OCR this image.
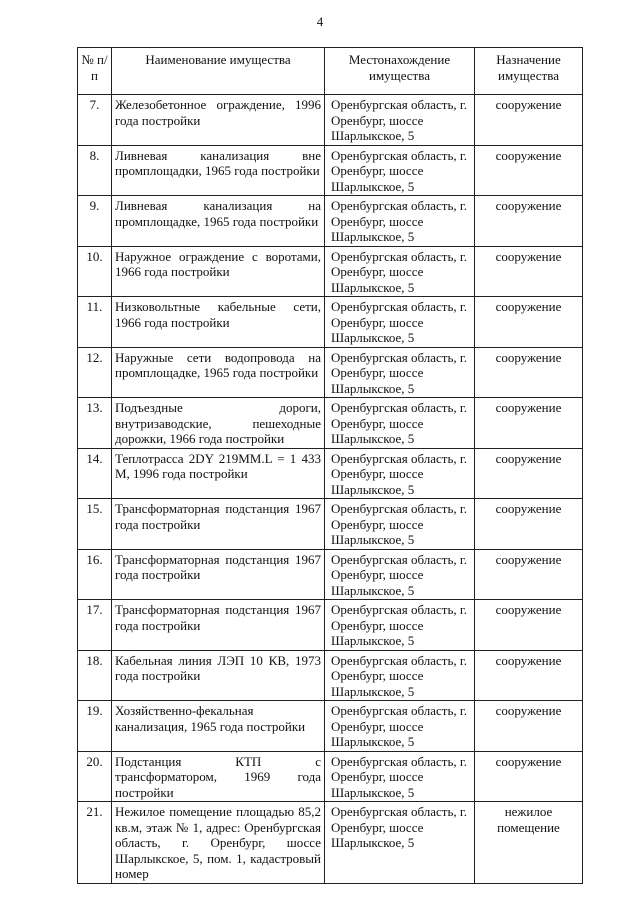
4
№ п/п	Наименование имущества	Местонахождение имущества	Назначение имущества
7.	Железобетонное ограждение, 1996 года постройки	Оренбургская область, г. Оренбург, шоссе Шарлыкское, 5	сооружение
8.	Ливневая канализация вне промплощадки, 1965 года постройки	Оренбургская область, г. Оренбург, шоссе Шарлыкское, 5	сооружение
9.	Ливневая канализация на промплощадке, 1965 года постройки	Оренбургская область, г. Оренбург, шоссе Шарлыкское, 5	сооружение
10.	Наружное ограждение с воротами, 1966 года постройки	Оренбургская область, г. Оренбург, шоссе Шарлыкское, 5	сооружение
11.	Низковольтные кабельные сети, 1966 года постройки	Оренбургская область, г. Оренбург, шоссе Шарлыкское, 5	сооружение
12.	Наружные сети водопровода на промплощадке, 1965 года постройки	Оренбургская область, г. Оренбург, шоссе Шарлыкское, 5	сооружение
13.	Подъездные дороги, внутризаводские, пешеходные дорожки, 1966 года постройки	Оренбургская область, г. Оренбург, шоссе Шарлыкское, 5	сооружение
14.	Теплотрасса 2DY 219MM.L = 1 433 M, 1996 года постройки	Оренбургская область, г. Оренбург, шоссе Шарлыкское, 5	сооружение
15.	Трансформаторная подстанция 1967 года постройки	Оренбургская область, г. Оренбург, шоссе Шарлыкское, 5	сооружение
16.	Трансформаторная подстанция 1967 года постройки	Оренбургская область, г. Оренбург, шоссе Шарлыкское, 5	сооружение
17.	Трансформаторная подстанция 1967 года постройки	Оренбургская область, г. Оренбург, шоссе Шарлыкское, 5	сооружение
18.	Кабельная линия ЛЭП 10 КВ, 1973 года постройки	Оренбургская область, г. Оренбург, шоссе Шарлыкское, 5	сооружение
19.	Хозяйственно-фекальная канализация, 1965 года постройки	Оренбургская область, г. Оренбург, шоссе Шарлыкское, 5	сооружение
20.	Подстанция КТП с трансформатором, 1969 года постройки	Оренбургская область, г. Оренбург, шоссе Шарлыкское, 5	сооружение
21.	Нежилое помещение площадью 85,2 кв.м, этаж № 1, адрес: Оренбургская область, г. Оренбург, шоссе Шарлыкское, 5, пом. 1, кадастровый номер	Оренбургская область, г. Оренбург, шоссе Шарлыкское, 5	нежилое помещение
